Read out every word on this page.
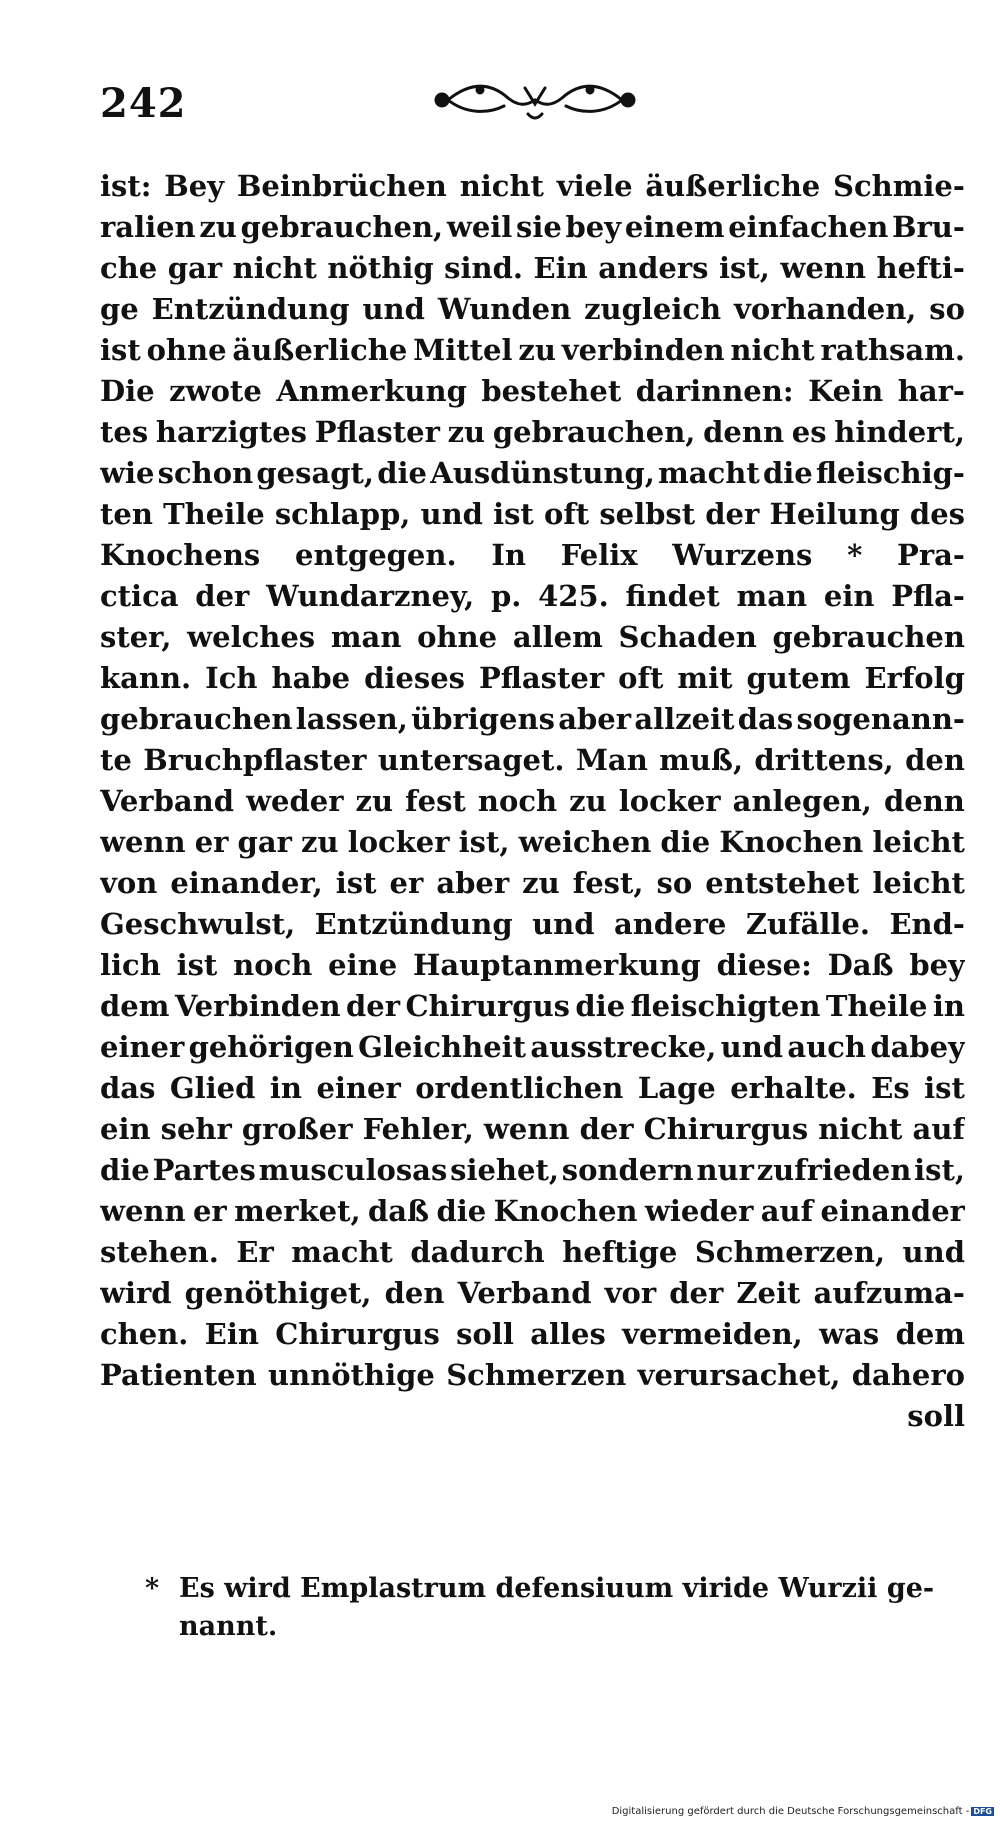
242
ist: Bey Beinbrüchen nicht viele äußerliche Schmie-
ralien zu gebrauchen, weil sie bey einem einfachen Bru-
che gar nicht nöthig sind. Ein anders ist, wenn hefti-
ge Entzündung und Wunden zugleich vorhanden, so
ist ohne äußerliche Mittel zu verbinden nicht rathsam.
Die zwote Anmerkung bestehet darinnen: Kein har-
tes harzigtes Pflaster zu gebrauchen, denn es hindert,
wie schon gesagt, die Ausdünstung, macht die fleischig-
ten Theile schlapp, und ist oft selbst der Heilung des
Knochens entgegen. In Felix Wurzens * Pra-
ctica der Wundarzney, p. 425. findet man ein Pfla-
ster, welches man ohne allem Schaden gebrauchen
kann. Ich habe dieses Pflaster oft mit gutem Erfolg
gebrauchen lassen, übrigens aber allzeit das sogenann-
te Bruchpflaster untersaget. Man muß, drittens, den
Verband weder zu fest noch zu locker anlegen, denn
wenn er gar zu locker ist, weichen die Knochen leicht
von einander, ist er aber zu fest, so entstehet leicht
Geschwulst, Entzündung und andere Zufälle. End-
lich ist noch eine Hauptanmerkung diese: Daß bey
dem Verbinden der Chirurgus die fleischigten Theile in
einer gehörigen Gleichheit ausstrecke, und auch dabey
das Glied in einer ordentlichen Lage erhalte. Es ist
ein sehr großer Fehler, wenn der Chirurgus nicht auf
die Partes musculosas siehet, sondern nur zufrieden ist,
wenn er merket, daß die Knochen wieder auf einander
stehen. Er macht dadurch heftige Schmerzen, und
wird genöthiget, den Verband vor der Zeit aufzuma-
chen. Ein Chirurgus soll alles vermeiden, was dem
Patienten unnöthige Schmerzen verursachet, dahero
soll
* Es wird Emplastrum defensiuum viride Wurzii ge-
nannt.
Digitalisierung gefördert durch die Deutsche Forschungsgemeinschaft - DFG
